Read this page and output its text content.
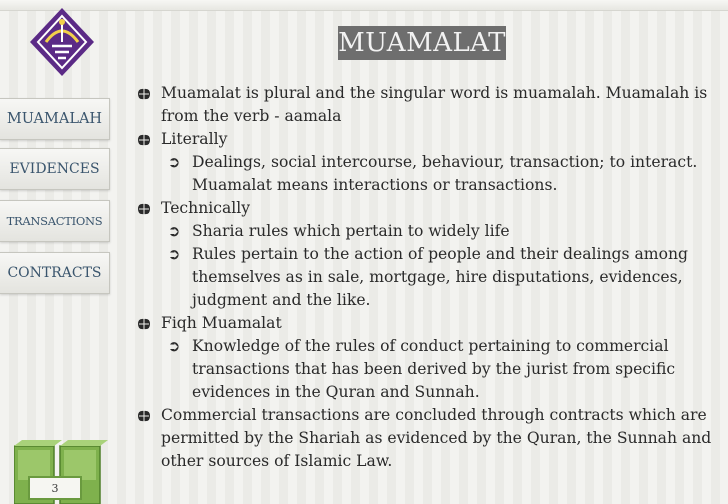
MUAMALAH
EVIDENCES
TRANSACTIONS
CONTRACTS
3
MUAMALAT
Muamalat is plural and the singular word is muamalah. Muamalah is from the verb - aamala
Literally
➲ Dealings, social intercourse, behaviour, transaction; to interact. Muamalat means interactions or transactions.
Technically
➲ Sharia rules which pertain to widely life
➲ Rules pertain to the action of people and their dealings among themselves as in sale, mortgage, hire disputations, evidences, judgment and the like.
Fiqh Muamalat
➲ Knowledge of the rules of conduct pertaining to commercial transactions that has been derived by the jurist from specific evidences in the Quran and Sunnah.
Commercial transactions are concluded through contracts which are permitted by the Shariah as evidenced by the Quran, the Sunnah and other sources of Islamic Law.
